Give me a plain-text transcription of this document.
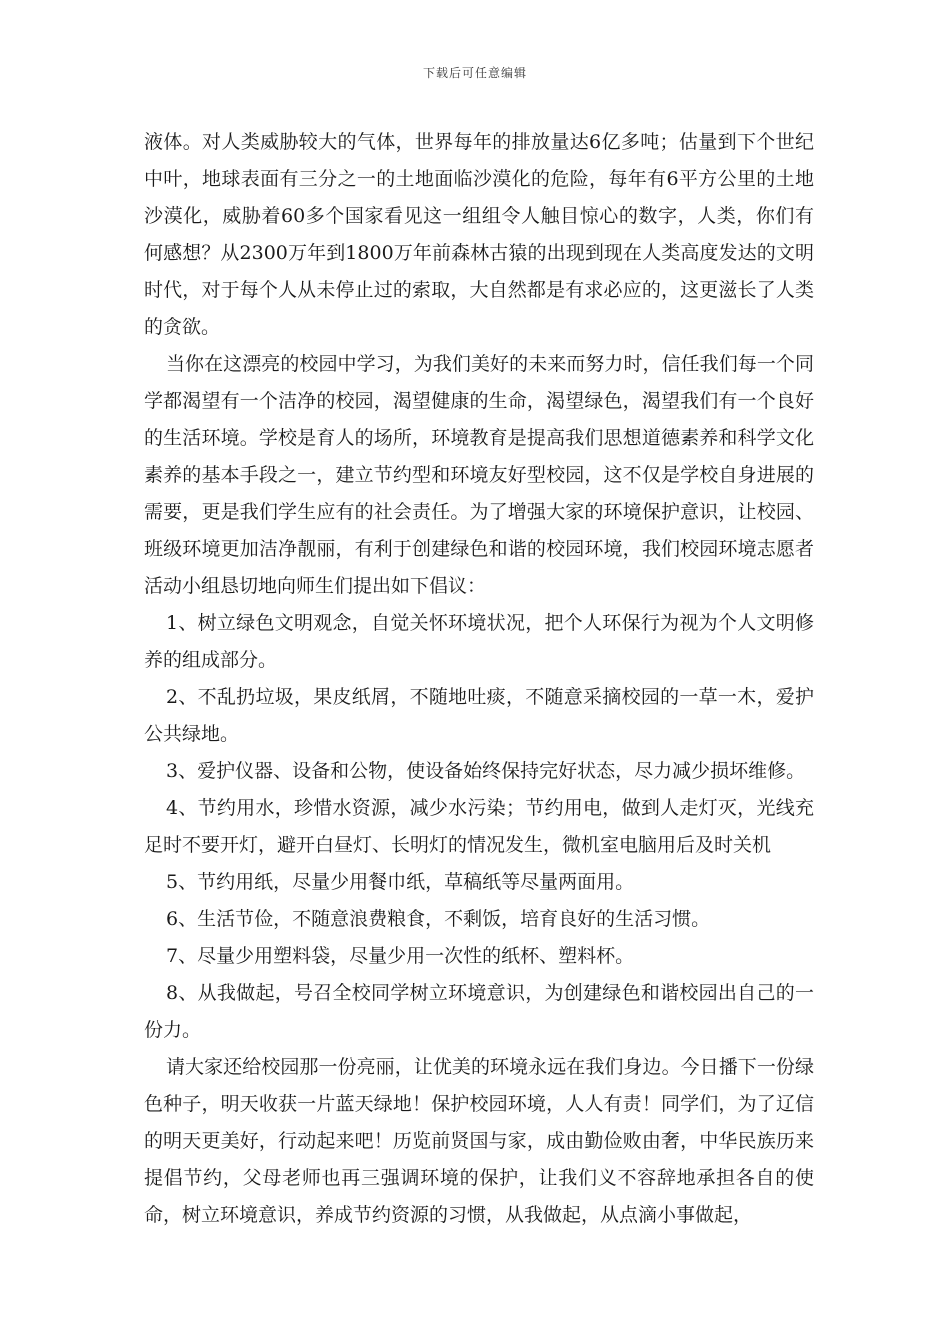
下载后可任意编辑

液体。对人类威胁较大的气体，世界每年的排放量达6亿多吨；估量到下个世纪中叶，地球表面有三分之一的土地面临沙漠化的危险，每年有6平方公里的土地沙漠化，威胁着60多个国家看见这一组组令人触目惊心的数字，人类，你们有何感想？从2300万年到1800万年前森林古猿的出现到现在人类高度发达的文明时代，对于每个人从未停止过的索取，大自然都是有求必应的，这更滋长了人类的贪欲。

当你在这漂亮的校园中学习，为我们美好的未来而努力时，信任我们每一个同学都渴望有一个洁净的校园，渴望健康的生命，渴望绿色，渴望我们有一个良好的生活环境。学校是育人的场所，环境教育是提高我们思想道德素养和科学文化素养的基本手段之一，建立节约型和环境友好型校园，这不仅是学校自身进展的需要，更是我们学生应有的社会责任。为了增强大家的环境保护意识，让校园、班级环境更加洁净靓丽，有利于创建绿色和谐的校园环境，我们校园环境志愿者活动小组恳切地向师生们提出如下倡议：

1、树立绿色文明观念，自觉关怀环境状况，把个人环保行为视为个人文明修养的组成部分。

2、不乱扔垃圾，果皮纸屑，不随地吐痰，不随意采摘校园的一草一木，爱护公共绿地。

3、爱护仪器、设备和公物，使设备始终保持完好状态，尽力减少损坏维修。

4、节约用水，珍惜水资源，减少水污染；节约用电，做到人走灯灭，光线充足时不要开灯，避开白昼灯、长明灯的情况发生，微机室电脑用后及时关机

5、节约用纸，尽量少用餐巾纸，草稿纸等尽量两面用。

6、生活节俭，不随意浪费粮食，不剩饭，培育良好的生活习惯。

7、尽量少用塑料袋，尽量少用一次性的纸杯、塑料杯。

8、从我做起，号召全校同学树立环境意识，为创建绿色和谐校园出自己的一份力。

请大家还给校园那一份亮丽，让优美的环境永远在我们身边。今日播下一份绿色种子，明天收获一片蓝天绿地！保护校园环境，人人有责！同学们，为了辽信的明天更美好，行动起来吧！历览前贤国与家，成由勤俭败由奢，中华民族历来提倡节约，父母老师也再三强调环境的保护，让我们义不容辞地承担各自的使命，树立环境意识，养成节约资源的习惯，从我做起，从点滴小事做起，
